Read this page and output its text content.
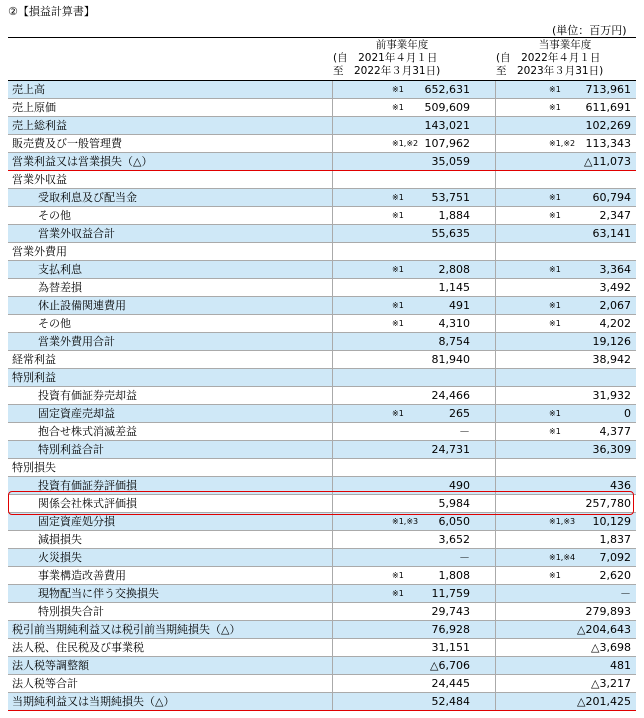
②【損益計算書】
(単位：百万円)
前事業年度
(自　2021年４月１日
至　2022年３月31日)
当事業年度
(自　2022年４月１日
至　2023年３月31日)
売上高	※1 652,631	※1 713,961
売上原価	※1 509,609	※1 611,691
売上総利益	143,021	102,269
販売費及び一般管理費	※1,※2 107,962	※1,※2 113,343
営業利益又は営業損失（△）	35,059	△11,073
営業外収益
受取利息及び配当金	※1	53,751	※1	60,794
その他	※1	1,884	※1	2,347
営業外収益合計	55,635	63,141
営業外費用
支払利息	※1	2,808	※1	3,364
為替差損	1,145	3,492
休止設備関連費用	※1	491	※1	2,067
その他	※1	4,310	※1	4,202
営業外費用合計	8,754	19,126
経常利益	81,940	38,942
特別利益
投資有価証券売却益	24,466	31,932
固定資産売却益	※1	265	※1	0
抱合せ株式消滅差益	－	※1	4,377
特別利益合計	24,731	36,309
特別損失
投資有価証券評価損	490	436
関係会社株式評価損	5,984	257,780
固定資産処分損	※1,※3 6,050	※1,※3 10,129
減損損失	3,652	1,837
火災損失	－	※1,※4 7,092
事業構造改善費用	※1	1,808	※1	2,620
現物配当に伴う交換損失	※1	11,759	－
特別損失合計	29,743	279,893
税引前当期純利益又は税引前当期純損失（△）	76,928	△204,643
法人税、住民税及び事業税	31,151	△3,698
法人税等調整額	△6,706	481
法人税等合計	24,445	△3,217
当期純利益又は当期純損失（△）	52,484	△201,425
